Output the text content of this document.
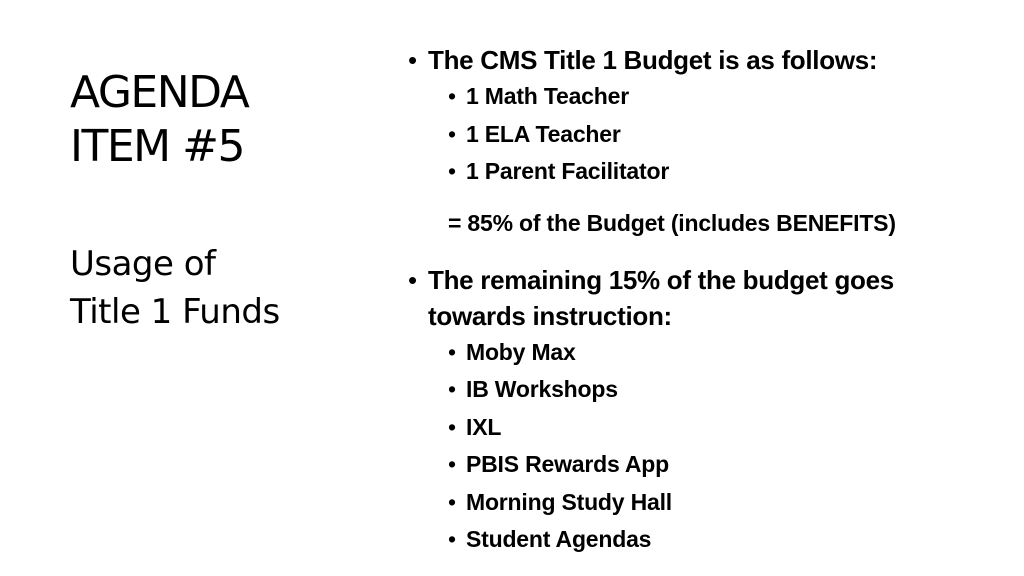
AGENDA
ITEM #5
Usage of
Title 1 Funds
• The CMS Title 1 Budget is as follows:
• 1 Math Teacher
• 1 ELA Teacher
• 1 Parent Facilitator
= 85% of the Budget (includes BENEFITS)
• The remaining 15% of the budget goes
towards instruction:
• Moby Max
• IB Workshops
• IXL
• PBIS Rewards App
• Morning Study Hall
• Student Agendas
